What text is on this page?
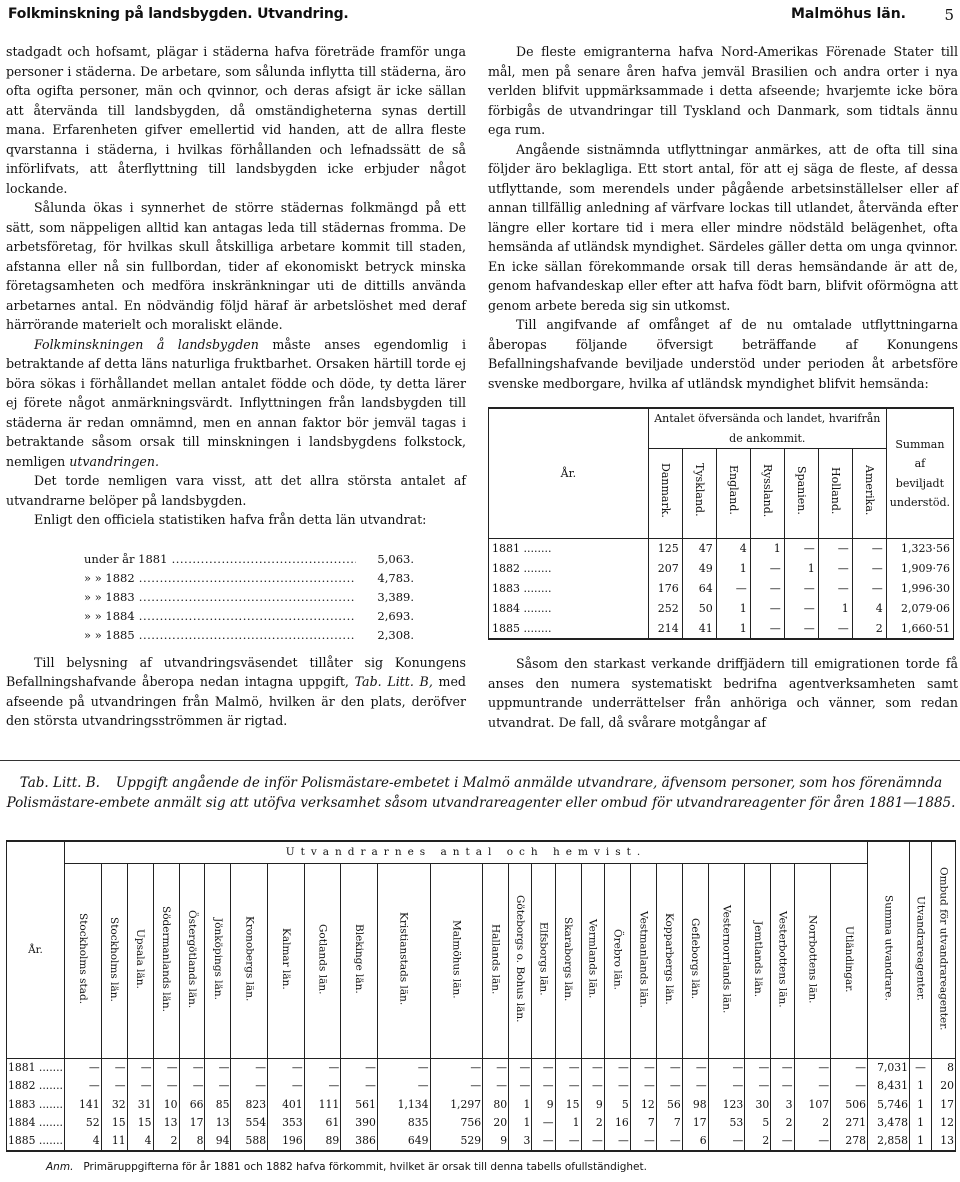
Folkminskning på landsbygden. Utvandring.	Malmöhus län.	5

stadgadt och hofsamt, plägar i städerna hafva företräde framför unga personer i städerna. De arbetare, som sålunda inflytta till städerna, äro ofta ogifta personer, män och qvinnor, och deras afsigt är icke sällan att återvända till landsbygden, då omständigheterna synas dertill mana. Erfarenheten gifver emellertid vid handen, att de allra fleste qvarstanna i städerna, i hvilkas förhållanden och lefnadssätt de så införlifvats, att återflyttning till landsbygden icke erbjuder något lockande.

Sålunda ökas i synnerhet de större städernas folkmängd på ett sätt, som näppeligen alltid kan antagas leda till städernas fromma. De arbetsföretag, för hvilkas skull åtskilliga arbetare kommit till staden, afstanna eller nå sin fullbordan, tider af ekonomiskt betryck minska företagsamheten och medföra inskränkningar uti de dittills använda arbetarnes antal. En nödvändig följd häraf är arbetslöshet med deraf härrörande materielt och moraliskt elände.

Folkminskningen å landsbygden måste anses egendomlig i betraktande af detta läns naturliga fruktbarhet. Orsaken härtill torde ej böra sökas i förhållandet mellan antalet födde och döde, ty detta lärer ej förete något anmärkningsvärdt. Inflyttningen från landsbygden till städerna är redan omnämnd, men en annan faktor bör jemväl tagas i betraktande såsom orsak till minskningen i landsbygdens folkstock, nemligen utvandringen.

Det torde nemligen vara visst, att det allra största antalet af utvandrarne belöper på landsbygden.

Enligt den officiela statistiken hafva från detta län utvandrat:

under år 1881 .....	5,063.
» » 1882 .....	4,783.
» » 1883 .....	3,389.
» » 1884 .....	2,693.
» » 1885 .....	2,308.

Till belysning af utvandringsväsendet tillåter sig Konungens Befallningshafvande åberopa nedan intagna uppgift, Tab. Litt. B, med afseende på utvandringen från Malmö, hvilken är den plats, deröfver den största utvandringsströmmen är rigtad.

De fleste emigranterna hafva Nord-Amerikas Förenade Stater till mål, men på senare åren hafva jemväl Brasilien och andra orter i nya verlden blifvit uppmärksammade i detta afseende; hvarjemte icke böra förbigås de utvandringar till Tyskland och Danmark, som tidtals ännu ega rum.

Angående sistnämnda utflyttningar anmärkes, att de ofta till sina följder äro beklagliga. Ett stort antal, för att ej säga de fleste, af dessa utflyttande, som merendels under pågående arbetsinställelser eller af annan tillfällig anledning af värfvare lockas till utlandet, återvända efter längre eller kortare tid i mera eller mindre nödstäld belägenhet, ofta hemsända af utländsk myndighet. Särdeles gäller detta om unga qvinnor. En icke sällan förekommande orsak till deras hemsändande är att de, genom hafvandeskap eller efter att hafva födt barn, blifvit oförmögna att genom arbete bereda sig sin utkomst.

Till angifvande af omfånget af de nu omtalade utflyttningarna åberopas följande öfversigt beträffande af Konungens Befallningshafvande beviljade understöd under perioden åt arbetsföre svenske medborgare, hvilka af utländsk myndighet blifvit hemsända:

År.	Antalet öfversända och landet, hvarifrån de ankommit.							Summan af beviljadt understöd.
	Danmark.	Tyskland.	England.	Ryssland.	Spanien.	Holland.	Amerika.	
1881 ........	125	47	4	1	—	—	—	1,323·56
1882 ........	207	49	1	—	1	—	—	1,909·76
1883 ........	176	64	—	—	—	—	—	1,996·30
1884 ........	252	50	1	—	—	1	4	2,079·06
1885 ........	214	41	1	—	—	—	2	1,660·51

Såsom den starkast verkande driffjädern till emigrationen torde få anses den numera systematiskt bedrifna agentverksamheten samt uppmuntrande underrättelser från anhöriga och vänner, som redan utvandrat. De fall, då svårare motgångar af

Tab. Litt. B. Uppgift angående de inför Polismästare-embetet i Malmö anmälde utvandrare, äfvensom personer, som hos förenämnda Polismästare-embete anmält sig att utöfva verksamhet såsom utvandrareagenter eller ombud för utvandrareagenter för åren 1881—1885.
År.	Utvandrarnes antal och hemvist.																										Summa utvandrare.	Utvandrareagenter.	Ombud för utvandrareagenter.
	Stockholms stad.	Stockholms län.	Upsala län.	Södermanlands län.	Östergötlands län.	Jönköpings län.	Kronobergs län.	Kalmar län.	Gotlands län.	Blekinge län.	Kristianstads län.	Malmöhus län.	Hallands län.	Göteborgs o. Bohus län.	Elfsborgs län.	Skaraborgs län.	Vermlands län.	Örebro län.	Vestmanlands län.	Kopparbergs län.	Gefleborgs län.	Vesternorrlands län.	Jemtlands län.	Vesterbottens län.	Norrbottens län.	Utländingar.			
1881 .......	—	—	—	—	—	—	—	—	—	—	—	—	—	—	—	—	—	—	—	—	—	—	—	—	—	—	7,031	—	8
1882 .......	—	—	—	—	—	—	—	—	—	—	—	—	—	—	—	—	—	—	—	—	—	—	—	—	—	—	8,431	1	20
1883 .......	141	32	31	10	66	85	823	401	111	561	1,134	1,297	80	1	9	15	9	5	12	56	98	123	30	3	107	506	5,746	1	17
1884 .......	52	15	15	13	17	13	554	353	61	390	835	756	20	1	—	1	2	16	7	7	17	53	5	2	2	271	3,478	1	12
1885 .......	4	11	4	2	8	94	588	196	89	386	649	529	9	3	—	—	—	—	—	—	6	—	2	—	—	278	2,858	1	13
Anm. Primäruppgifterna för år 1881 och 1882 hafva förkommit, hvilket är orsak till denna tabells ofullständighet.
